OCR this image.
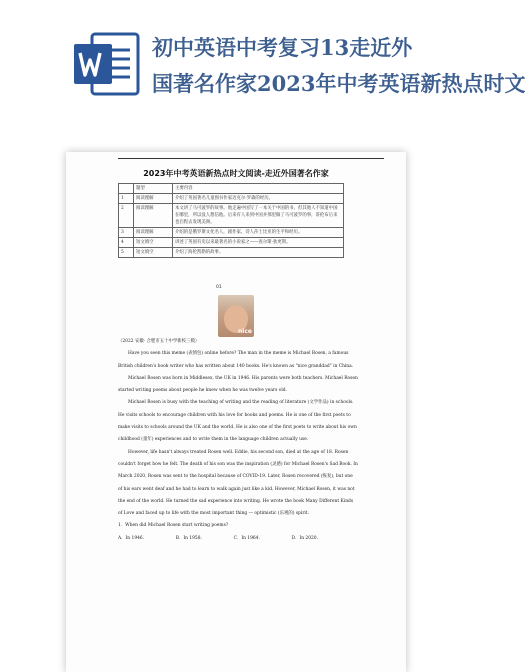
初中英语中考复习13走近外
国著名作家2023年中考英语新热点时文
2023年中考英语新热点时文阅读-走近外国著名作家
	题型	主要内容
1	阅读理解	介绍了英国著名儿童图书作家迈克尔·罗森的经历。
2	阅读理解	本文讲了马可波罗的故事。他走遍中国写了一本关于中国的书，但其他人不知道中国在哪里，所以没人想信他。后来有人来到中国并那里做了马可波罗的事，哥伦布后来也启程去发现美洲。
3	阅读理解	介绍的是俄罗斯文化名人，剧作家、诗人莎士比亚的生平和经历。
4	短文填空	讲述了英国有史以来最著名的小说家之——查尔斯·狄更斯。
5	短文填空	介绍了海伦凯勒的故事。
01
nice

（2022 安徽· 合肥市五十中学新校三模）

Have you seen this meme (表情包) online before? The man in the meme is Michael Rosen, a famous British children's book writer who has written about 140 books. He's known as "nice granddad" in China.

Michael Rosen was born in Middlesex, the UK in 1946. His parents were both teachers. Michael Rosen started writing poems about people he knew when he was twelve years old.

Michael Rosen is busy with the teaching of writing and the reading of literature (文学作品) in schools. He visits schools to encourage children with his love for books and poems. He is one of the first poets to make visits to schools around the UK and the world. He is also one of the first poets to write about his own childhood (童年) experiences and to write them in the language children actually use.

However, life hasn't always treated Rosen well. Eddie, his second son, died at the age of 18. Rosen couldn't forget how he felt. The death of his son was the inspiration (灵感) for Michael Rosen's Sad Book. In March 2020, Rosen was sent to the hospital because of COVID-19. Later, Rosen recovered (恢复), but one of his ears went deaf and he had to learn to walk again just like a kid. However, Michael Rosen, it was not the end of the world. He turned the sad experience into writing. He wrote the book Many Different Kinds of Love and faced up to life with the most important thing — optimistic (乐观的) spirit.

1．When did Michael Rosen start writing poems?

A．In 1946.	B．In 1958.	C．In 1964.	D．In 2020.
